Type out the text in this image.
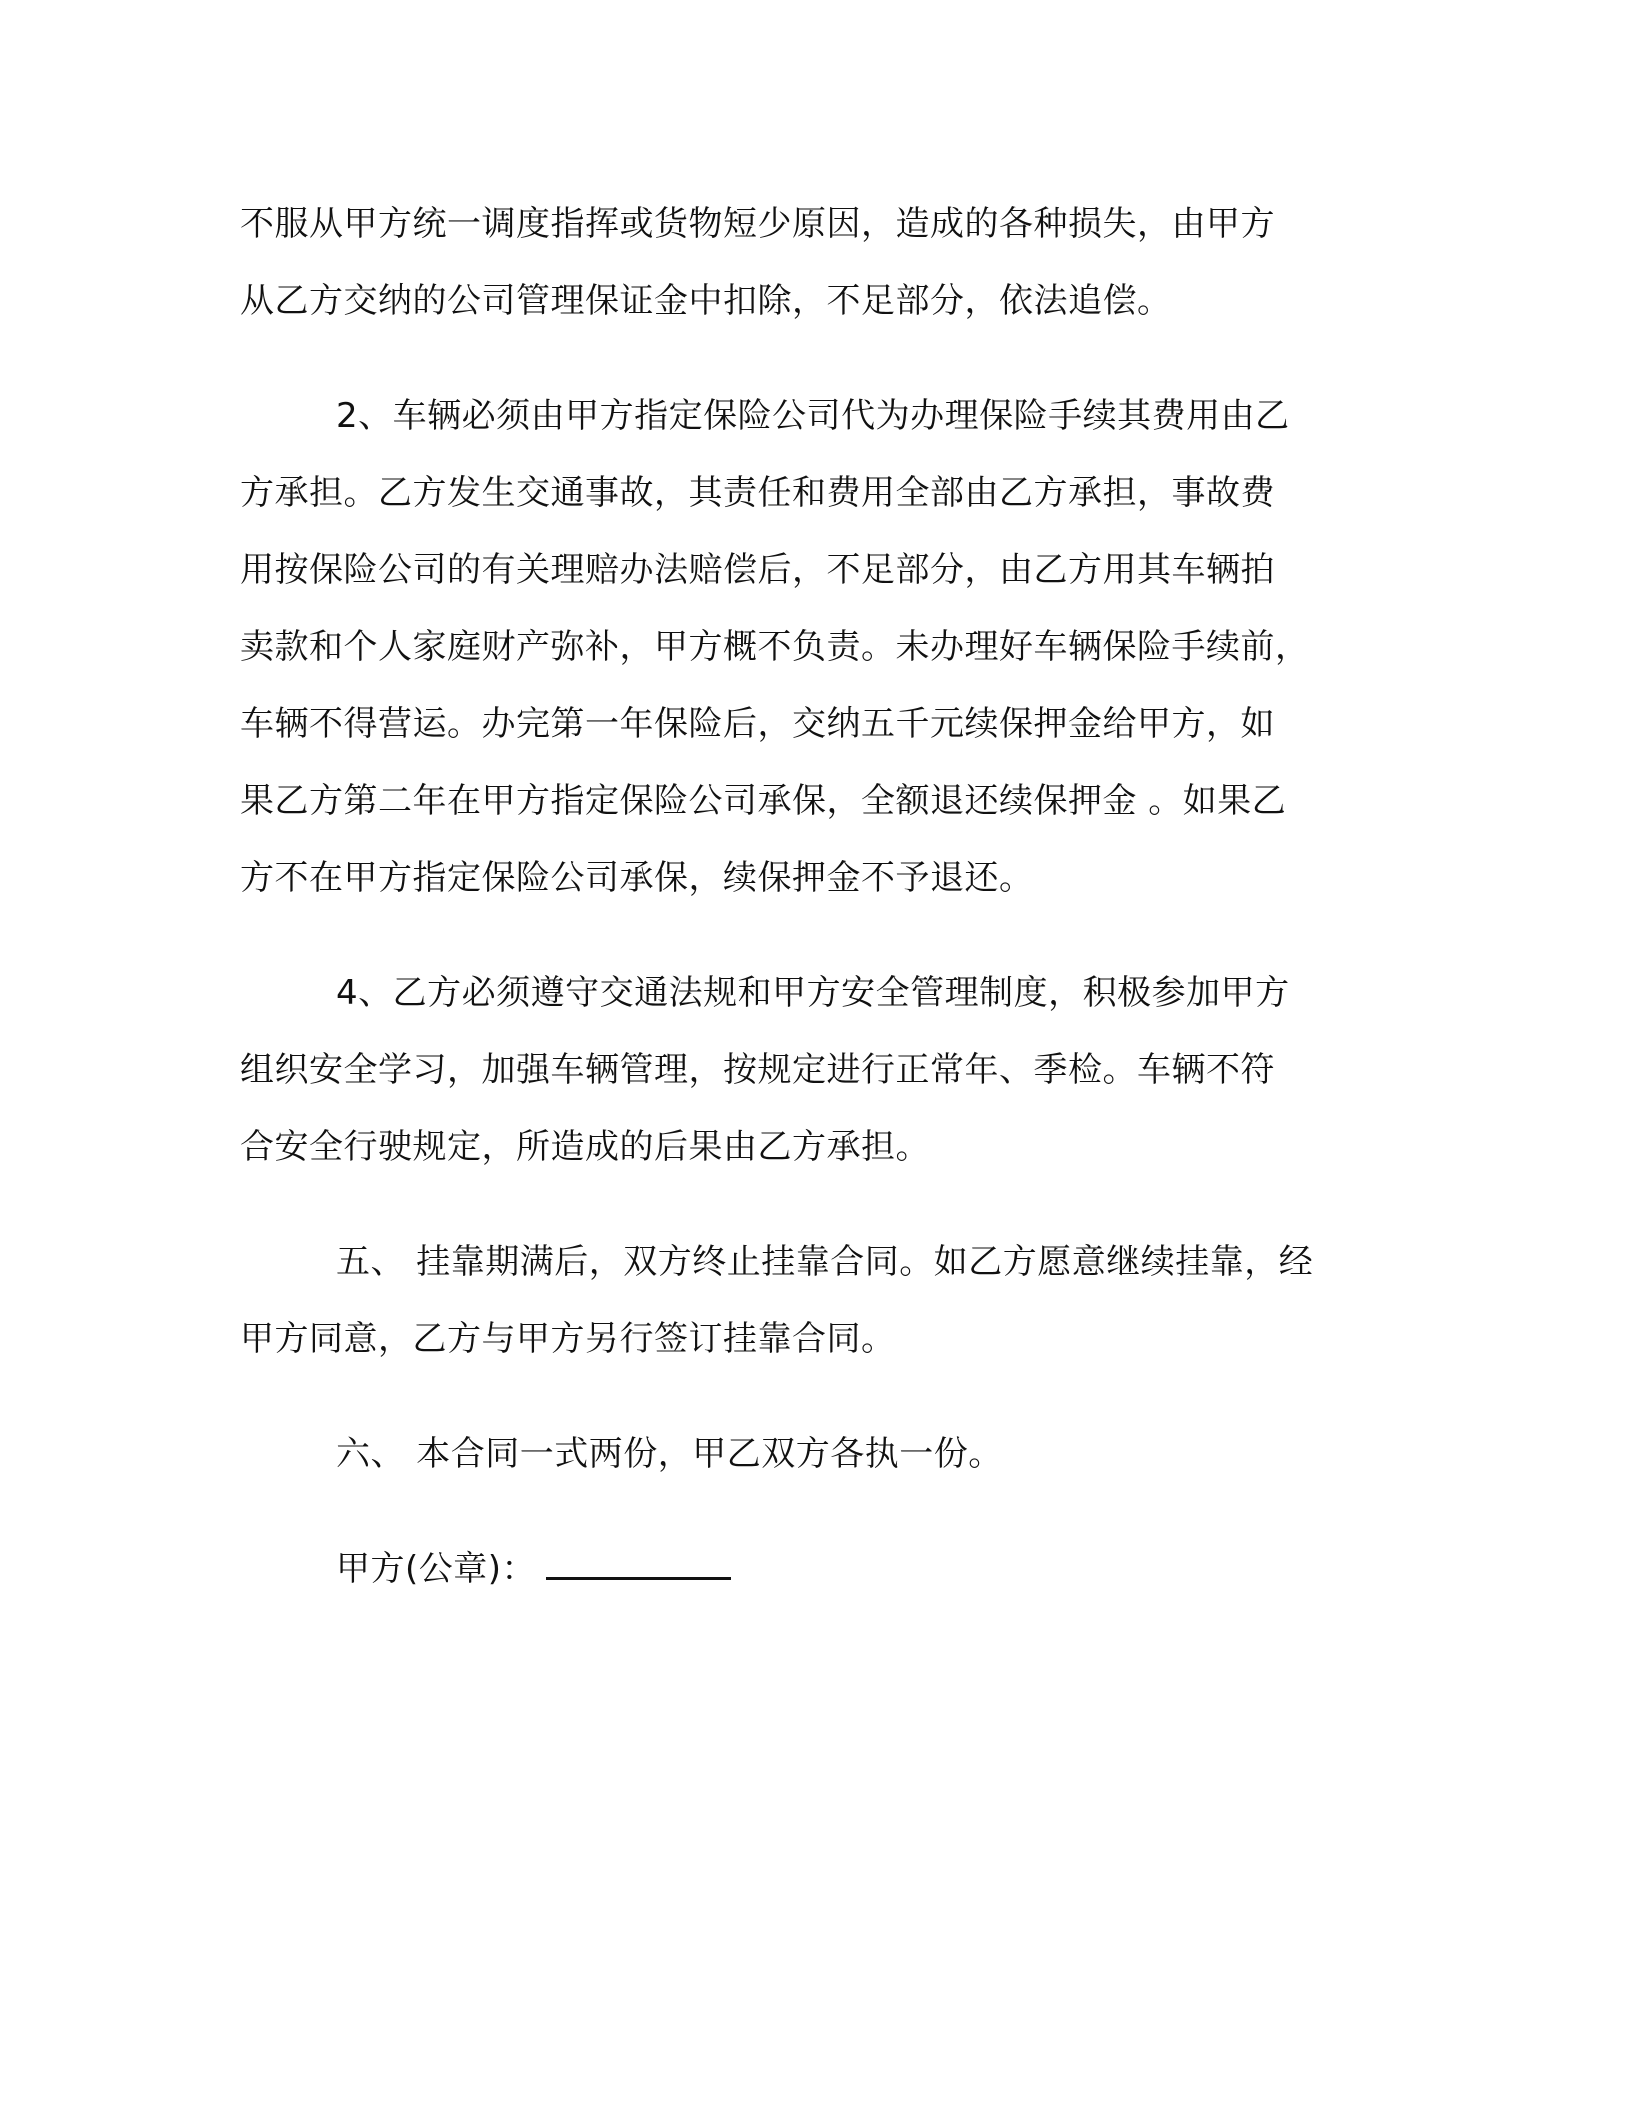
不服从甲方统一调度指挥或货物短少原因，造成的各种损失，由甲方
从乙方交纳的公司管理保证金中扣除，不足部分，依法追偿。

2、车辆必须由甲方指定保险公司代为办理保险手续其费用由乙
方承担。乙方发生交通事故，其责任和费用全部由乙方承担，事故费
用按保险公司的有关理赔办法赔偿后，不足部分，由乙方用其车辆拍
卖款和个人家庭财产弥补，甲方概不负责。未办理好车辆保险手续前，
车辆不得营运。办完第一年保险后，交纳五千元续保押金给甲方，如
果乙方第二年在甲方指定保险公司承保，全额退还续保押金 。如果乙
方不在甲方指定保险公司承保，续保押金不予退还。

4、乙方必须遵守交通法规和甲方安全管理制度，积极参加甲方
组织安全学习，加强车辆管理，按规定进行正常年、季检。车辆不符
合安全行驶规定，所造成的后果由乙方承担。

五、 挂靠期满后，双方终止挂靠合同。如乙方愿意继续挂靠，经
甲方同意，乙方与甲方另行签订挂靠合同。

六、 本合同一式两份，甲乙双方各执一份。

甲方(公章)：
